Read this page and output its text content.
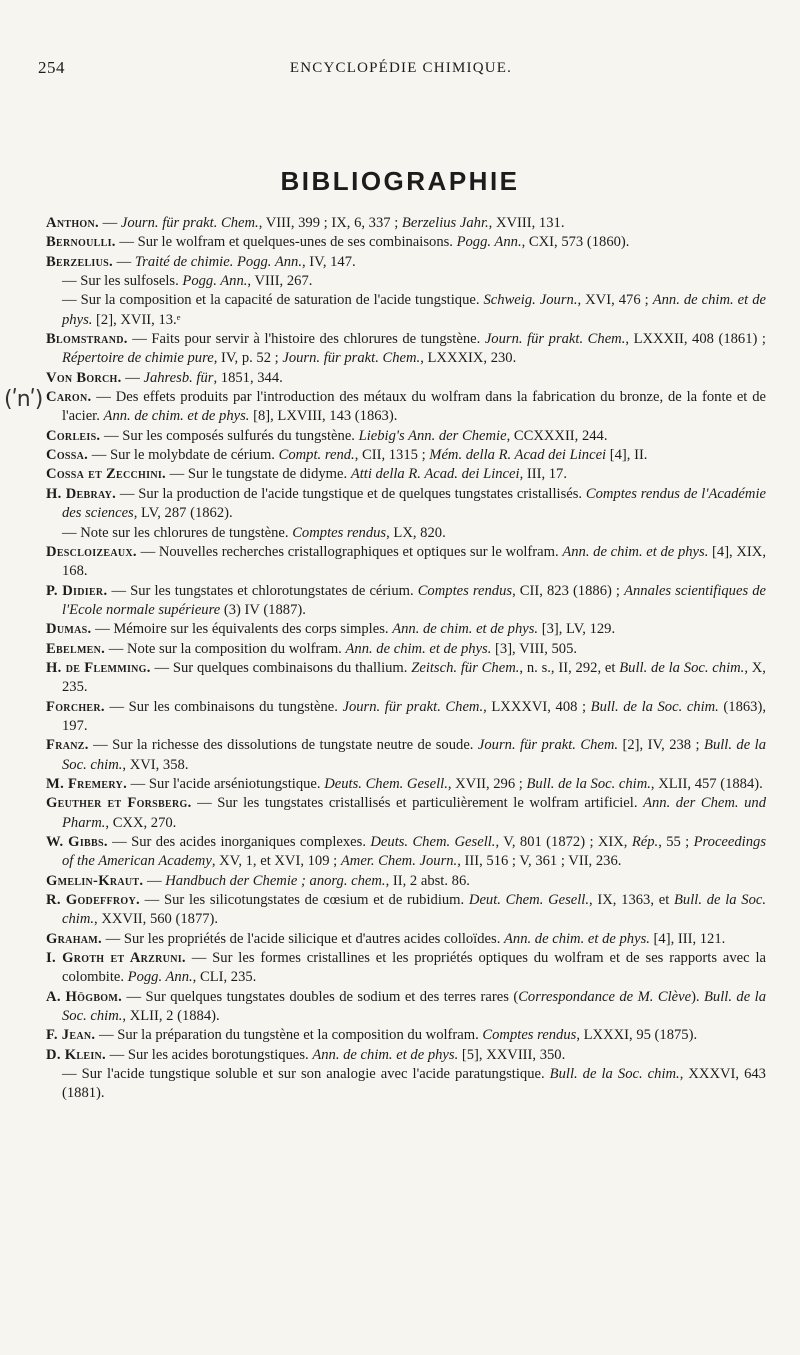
254	ENCYCLOPÉDIE CHIMIQUE.
BIBLIOGRAPHIE
(ʹnʹ)

Anthon. — Journ. für prakt. Chem., VIII, 399 ; IX, 6, 337 ; Berzelius Jahr., XVIII, 131.

Bernoulli. — Sur le wolfram et quelques-unes de ses combinaisons. Pogg. Ann., CXI, 573 (1860).

Berzelius. — Traité de chimie. Pogg. Ann., IV, 147.

— Sur les sulfosels. Pogg. Ann., VIII, 267.

— Sur la composition et la capacité de saturation de l'acide tungstique. Schweig. Journ., XVI, 476 ; Ann. de chim. et de phys. [2], XVII, 13.ᵉ

Blomstrand. — Faits pour servir à l'histoire des chlorures de tungstène. Journ. für prakt. Chem., LXXXII, 408 (1861) ; Répertoire de chimie pure, IV, p. 52 ; Journ. für prakt. Chem., LXXXIX, 230.

Von Borch. — Jahresb. für, 1851, 344.

Caron. — Des effets produits par l'introduction des métaux du wolfram dans la fabrication du bronze, de la fonte et de l'acier. Ann. de chim. et de phys. [8], LXVIII, 143 (1863).

Corleis. — Sur les composés sulfurés du tungstène. Liebig's Ann. der Chemie, CCXXXII, 244.

Cossa. — Sur le molybdate de cérium. Compt. rend., CII, 1315 ; Mém. della R. Acad dei Lincei [4], II.

Cossa et Zecchini. — Sur le tungstate de didyme. Atti della R. Acad. dei Lincei, III, 17.

H. Debray. — Sur la production de l'acide tungstique et de quelques tungstates cristallisés. Comptes rendus de l'Académie des sciences, LV, 287 (1862).

— Note sur les chlorures de tungstène. Comptes rendus, LX, 820.

Descloizeaux. — Nouvelles recherches cristallographiques et optiques sur le wolfram. Ann. de chim. et de phys. [4], XIX, 168.

P. Didier. — Sur les tungstates et chlorotungstates de cérium. Comptes rendus, CII, 823 (1886) ; Annales scientifiques de l'Ecole normale supérieure (3) IV (1887).

Dumas. — Mémoire sur les équivalents des corps simples. Ann. de chim. et de phys. [3], LV, 129.

Ebelmen. — Note sur la composition du wolfram. Ann. de chim. et de phys. [3], VIII, 505.

H. de Flemming. — Sur quelques combinaisons du thallium. Zeitsch. für Chem., n. s., II, 292, et Bull. de la Soc. chim., X, 235.

Forcher. — Sur les combinaisons du tungstène. Journ. für prakt. Chem., LXXXVI, 408 ; Bull. de la Soc. chim. (1863), 197.

Franz. — Sur la richesse des dissolutions de tungstate neutre de soude. Journ. für prakt. Chem. [2], IV, 238 ; Bull. de la Soc. chim., XVI, 358.

M. Fremery. — Sur l'acide arséniotungstique. Deuts. Chem. Gesell., XVII, 296 ; Bull. de la Soc. chim., XLII, 457 (1884).

Geuther et Forsberg. — Sur les tungstates cristallisés et particulièrement le wolfram artificiel. Ann. der Chem. und Pharm., CXX, 270.

W. Gibbs. — Sur des acides inorganiques complexes. Deuts. Chem. Gesell., V, 801 (1872) ; XIX, Rép., 55 ; Proceedings of the American Academy, XV, 1, et XVI, 109 ; Amer. Chem. Journ., III, 516 ; V, 361 ; VII, 236.

Gmelin-Kraut. — Handbuch der Chemie ; anorg. chem., II, 2 abst. 86.

R. Godeffroy. — Sur les silicotungstates de cœsium et de rubidium. Deut. Chem. Gesell., IX, 1363, et Bull. de la Soc. chim., XXVII, 560 (1877).

Graham. — Sur les propriétés de l'acide silicique et d'autres acides colloïdes. Ann. de chim. et de phys. [4], III, 121.

I. Groth et Arzruni. — Sur les formes cristallines et les propriétés optiques du wolfram et de ses rapports avec la colombite. Pogg. Ann., CLI, 235.

A. Högbom. — Sur quelques tungstates doubles de sodium et des terres rares (Correspondance de M. Clève). Bull. de la Soc. chim., XLII, 2 (1884).

F. Jean. — Sur la préparation du tungstène et la composition du wolfram. Comptes rendus, LXXXI, 95 (1875).

D. Klein. — Sur les acides borotungstiques. Ann. de chim. et de phys. [5], XXVIII, 350.

— Sur l'acide tungstique soluble et sur son analogie avec l'acide paratungstique. Bull. de la Soc. chim., XXXVI, 643 (1881).
